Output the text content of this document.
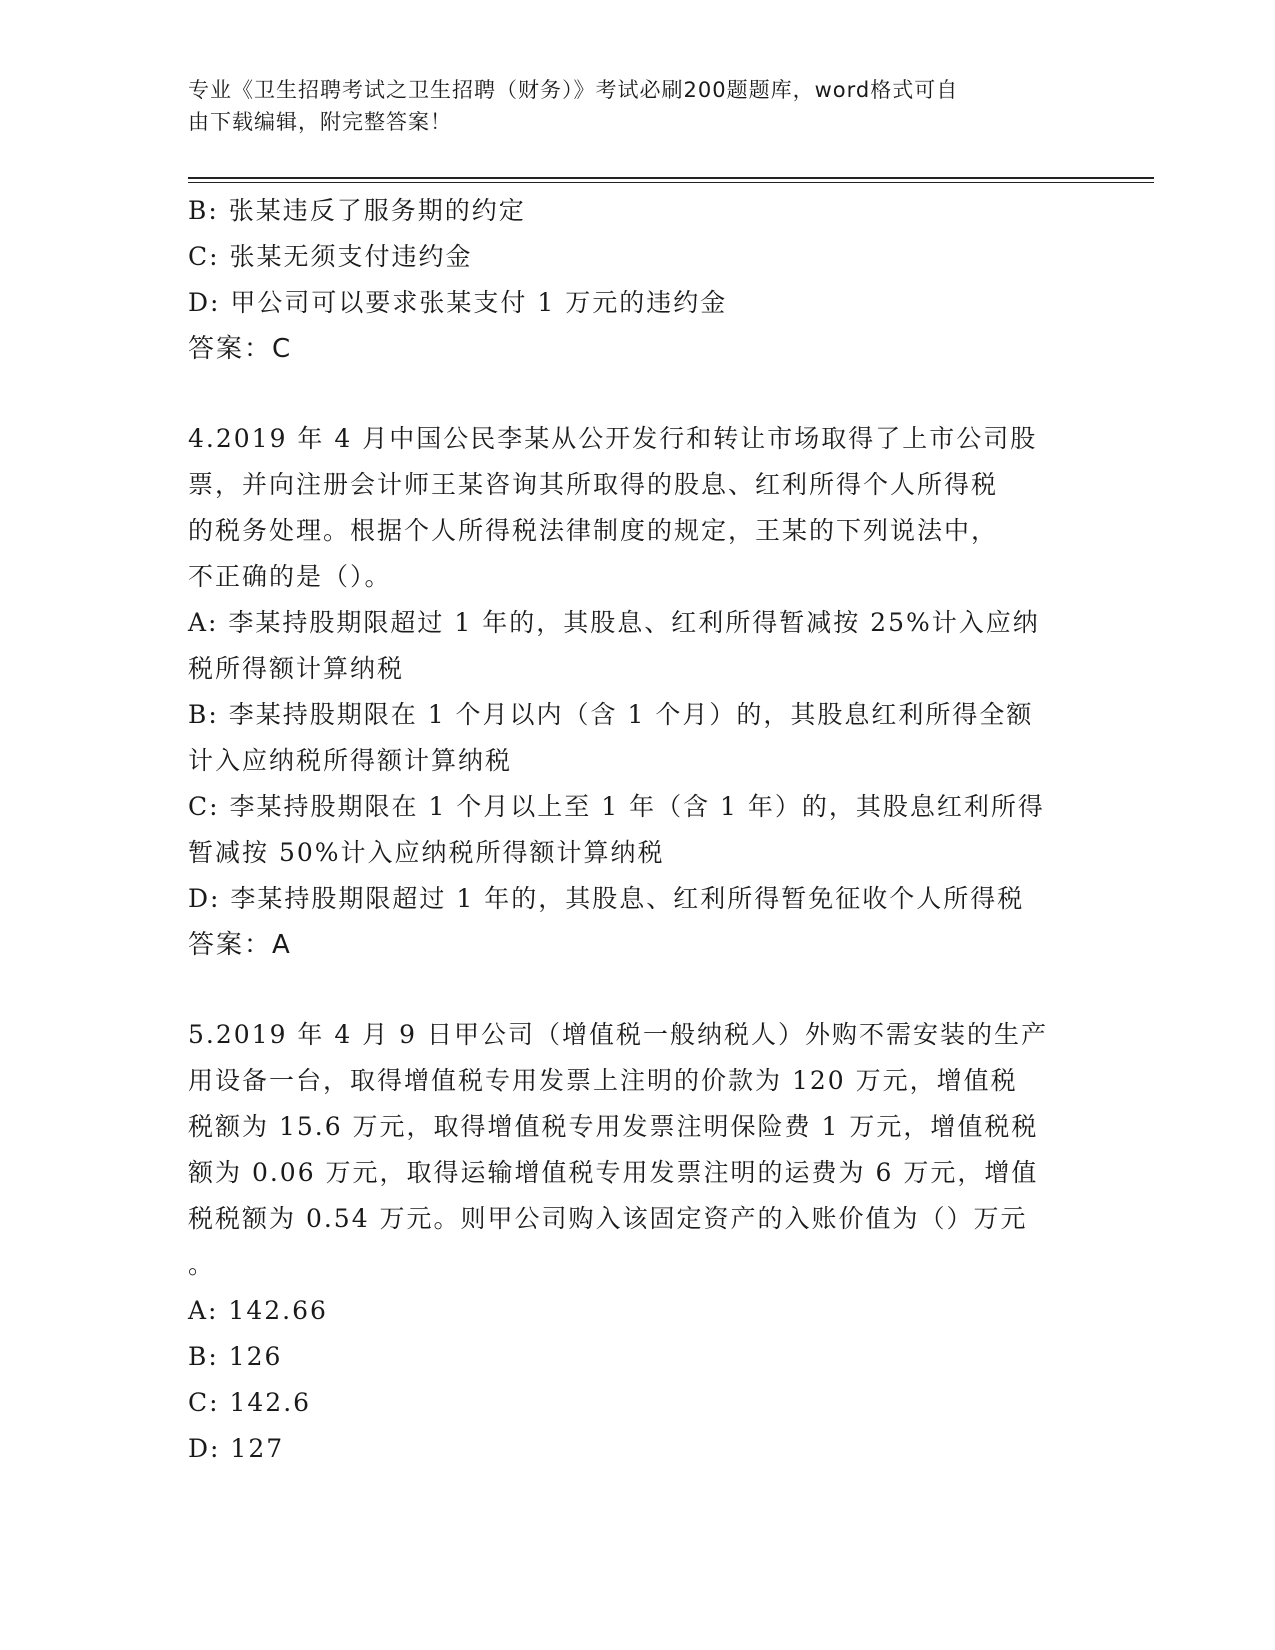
专业《卫生招聘考试之卫生招聘（财务）》考试必刷200题题库，word格式可自
由下载编辑，附完整答案！
B: 张某违反了服务期的约定
C: 张某无须支付违约金
D: 甲公司可以要求张某支付 1 万元的违约金
答案：C
4.2019 年 4 月中国公民李某从公开发行和转让市场取得了上市公司股
票，并向注册会计师王某咨询其所取得的股息、红利所得个人所得税
的税务处理。根据个人所得税法律制度的规定，王某的下列说法中，
不正确的是（）。
A: 李某持股期限超过 1 年的，其股息、红利所得暂减按 25%计入应纳
税所得额计算纳税
B: 李某持股期限在 1 个月以内（含 1 个月）的，其股息红利所得全额
计入应纳税所得额计算纳税
C: 李某持股期限在 1 个月以上至 1 年（含 1 年）的，其股息红利所得
暂减按 50%计入应纳税所得额计算纳税
D: 李某持股期限超过 1 年的，其股息、红利所得暂免征收个人所得税
答案：A
5.2019 年 4 月 9 日甲公司（增值税一般纳税人）外购不需安装的生产
用设备一台，取得增值税专用发票上注明的价款为 120 万元，增值税
税额为 15.6 万元，取得增值税专用发票注明保险费 1 万元，增值税税
额为 0.06 万元，取得运输增值税专用发票注明的运费为 6 万元，增值
税税额为 0.54 万元。则甲公司购入该固定资产的入账价值为（）万元
。
A: 142.66
B: 126
C: 142.6
D: 127
